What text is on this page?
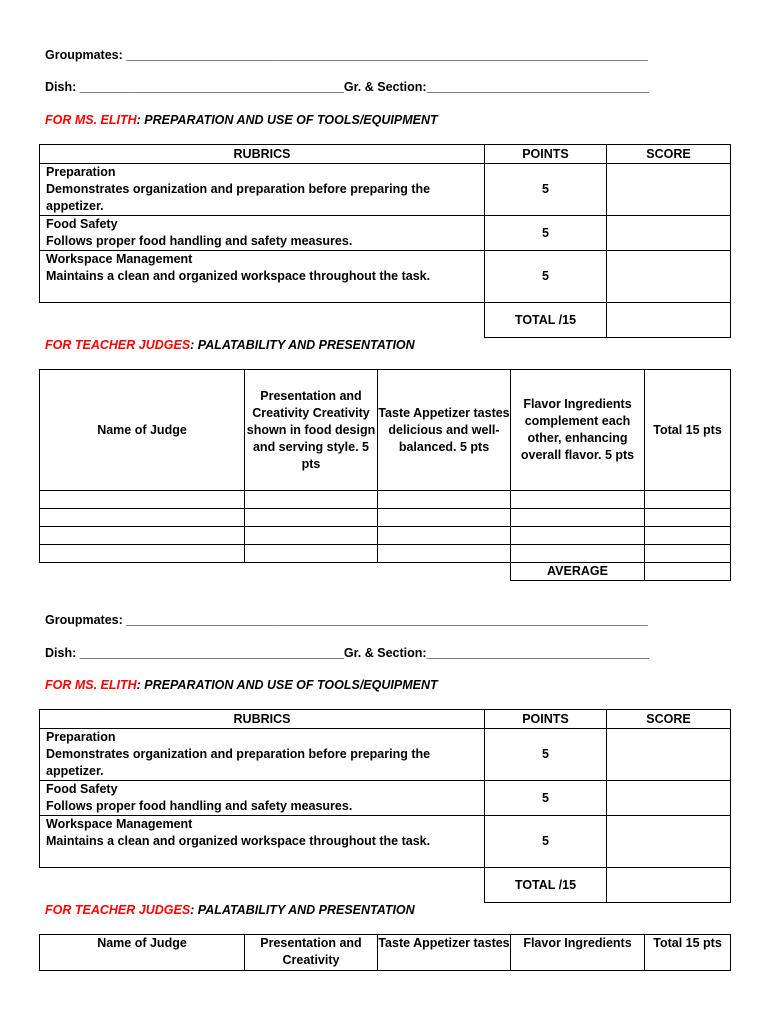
Groupmates: ___________________________________________________________________________
Dish: ______________________________________Gr. & Section:________________________________
FOR MS. ELITH: PREPARATION AND USE OF TOOLS/EQUIPMENT
RUBRICS	POINTS	SCORE

Preparation
Demonstrates organization and preparation before preparing the appetizer.	5	

Food Safety
Follows proper food handling and safety measures.	5	

Workspace Management
Maintains a clean and organized workspace throughout the task.	5	
	TOTAL /15	
FOR TEACHER JUDGES: PALATABILITY AND PRESENTATION
Name of Judge	Presentation and Creativity Creativity shown in food design and serving style. 5 pts	Taste Appetizer tastes delicious and well-balanced. 5 pts	Flavor Ingredients complement each other, enhancing overall flavor. 5 pts	Total 15 pts

			AVERAGE	
Groupmates: ___________________________________________________________________________
Dish: ______________________________________Gr. & Section:________________________________
FOR MS. ELITH: PREPARATION AND USE OF TOOLS/EQUIPMENT
RUBRICS	POINTS	SCORE

Preparation
Demonstrates organization and preparation before preparing the appetizer.	5	

Food Safety
Follows proper food handling and safety measures.	5	

Workspace Management
Maintains a clean and organized workspace throughout the task.	5	
	TOTAL /15	
FOR TEACHER JUDGES: PALATABILITY AND PRESENTATION
Name of Judge	Presentation and Creativity	Taste Appetizer tastes	Flavor Ingredients	Total 15 pts
